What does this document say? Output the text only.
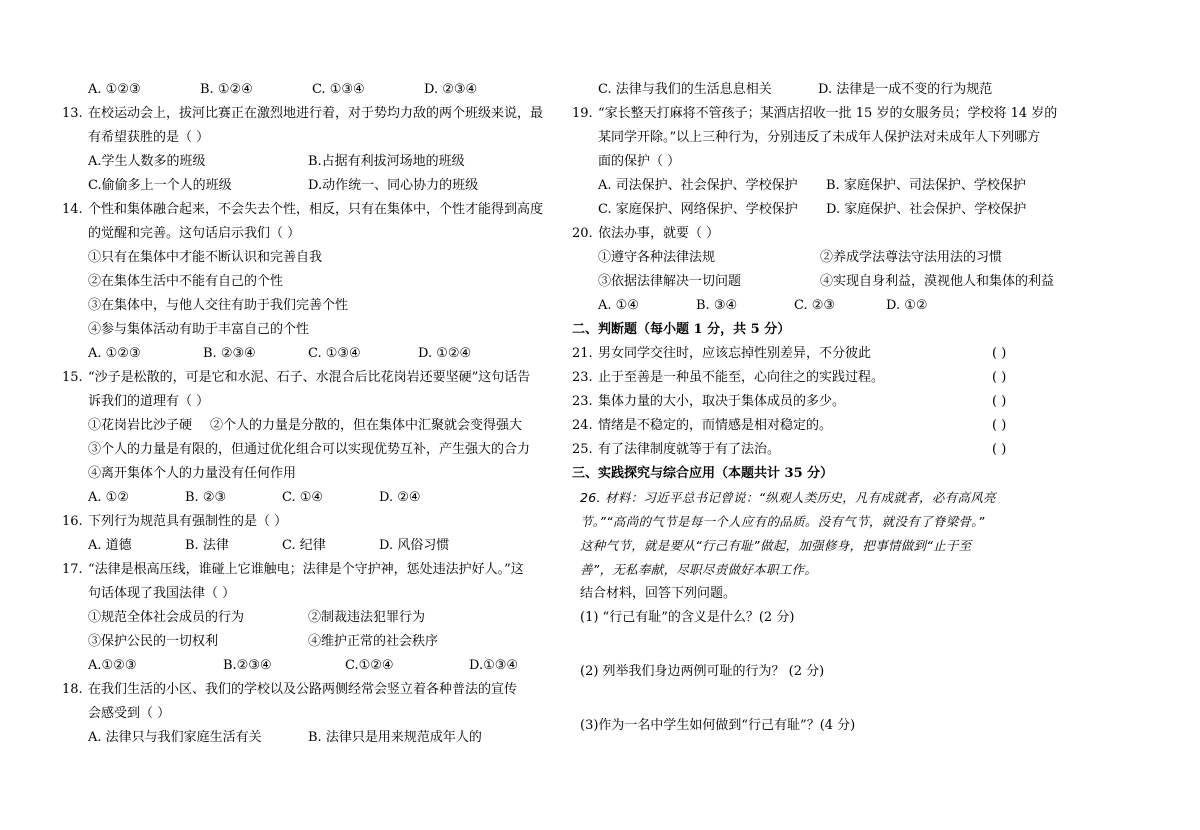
A. ①②③	B. ①②④	C. ①③④	D. ②③④
13. 在校运动会上，拔河比赛正在激烈地进行着，对于势均力敌的两个班级来说，最
有希望获胜的是（ ）
A.学生人数多的班级	B.占据有利拔河场地的班级
C.偷偷多上一个人的班级	D.动作统一、同心协力的班级
14. 个性和集体融合起来，不会失去个性，相反，只有在集体中，个性才能得到高度
的觉醒和完善。这句话启示我们（ ）
①只有在集体中才能不断认识和完善自我
②在集体生活中不能有自己的个性
③在集体中，与他人交往有助于我们完善个性
④参与集体活动有助于丰富自己的个性
A. ①②③	B. ②③④	C. ①③④	D. ①②④
15. “沙子是松散的，可是它和水泥、石子、水混合后比花岗岩还要坚硬”这句话告
诉我们的道理有（ ）
①花岗岩比沙子硬	②个人的力量是分散的，但在集体中汇聚就会变得强大
③个人的力量是有限的，但通过优化组合可以实现优势互补，产生强大的合力
④离开集体个人的力量没有任何作用
A. ①②	B. ②③	C. ①④	D. ②④
16. 下列行为规范具有强制性的是（ ）
A. 道德	B. 法律	C. 纪律	D. 风俗习惯
17. “法律是根高压线，谁碰上它谁触电；法律是个守护神，惩处违法护好人。”这
句话体现了我国法律（ ）
①规范全体社会成员的行为	②制裁违法犯罪行为
③保护公民的一切权利	④维护正常的社会秩序
A.①②③	B.②③④	C.①②④	D.①③④
18. 在我们生活的小区、我们的学校以及公路两侧经常会竖立着各种普法的宣传
会感受到（ ）
A. 法律只与我们家庭生活有关	B. 法律只是用来规范成年人的
C. 法律与我们的生活息息相关	D. 法律是一成不变的行为规范
19. “家长整天打麻将不管孩子；某酒店招收一批 15 岁的女服务员；学校将 14 岁的
某同学开除。”以上三种行为，分别违反了未成年人保护法对未成年人下列哪方
面的保护（ ）
A. 司法保护、社会保护、学校保护	B. 家庭保护、司法保护、学校保护
C. 家庭保护、网络保护、学校保护	D. 家庭保护、社会保护、学校保护
20. 依法办事，就要（ ）
①遵守各种法律法规	②养成学法尊法守法用法的习惯
③依据法律解决一切问题	④实现自身利益，漠视他人和集体的利益
A. ①④	B. ③④	C. ②③	D. ①②
二、判断题（每小题 1 分，共 5 分）
21. 男女同学交往时，应该忘掉性别差异，不分彼此	( )
23. 止于至善是一种虽不能至，心向往之的实践过程。	( )
23. 集体力量的大小，取决于集体成员的多少。	( )
24. 情绪是不稳定的，而情感是相对稳定的。	( )
25. 有了法律制度就等于有了法治。	( )
三、实践探究与综合应用（本题共计 35 分）
26. 材料：习近平总书记曾说：“纵观人类历史，凡有成就者，必有高风亮
节。”“高尚的气节是每一个人应有的品质。没有气节，就没有了脊梁骨。”
这种气节，就是要从“行己有耻”做起，加强修身，把事情做到“止于至
善”，无私奉献，尽职尽责做好本职工作。
结合材料，回答下列问题。
(1) “行己有耻”的含义是什么？(2 分)
(2) 列举我们身边两例可耻的行为？ (2 分)
(3)作为一名中学生如何做到“行己有耻”？(4 分)
